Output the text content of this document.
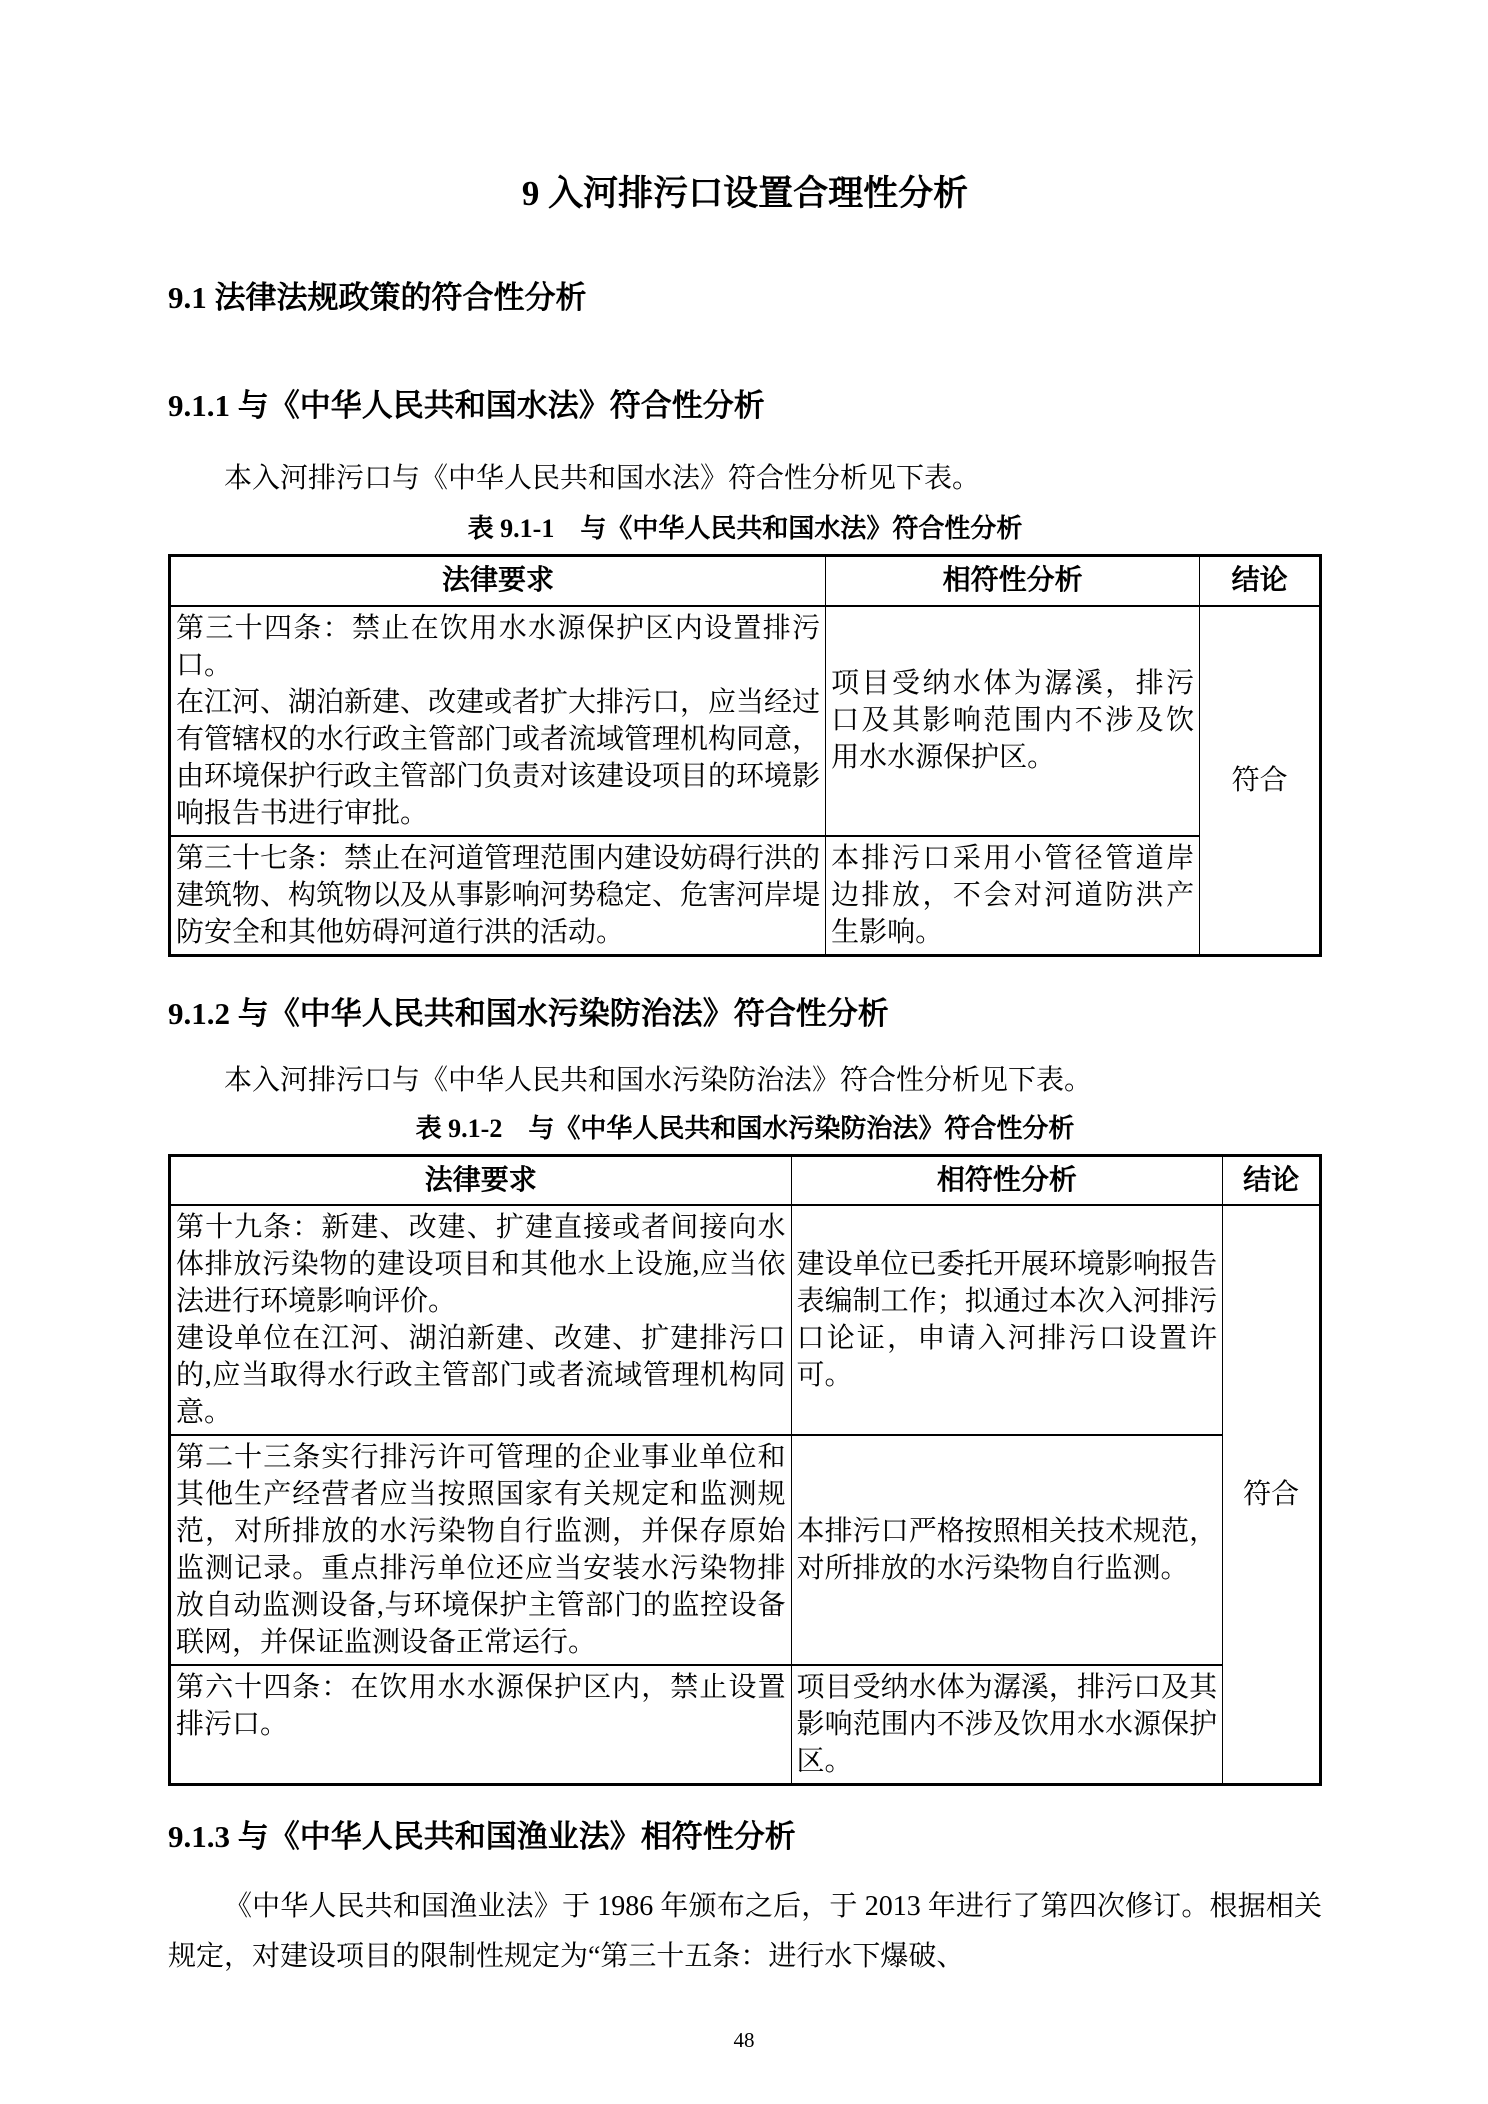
9 入河排污口设置合理性分析
9.1 法律法规政策的符合性分析
9.1.1 与《中华人民共和国水法》符合性分析

本入河排污口与《中华人民共和国水法》符合性分析见下表。

表 9.1-1　与《中华人民共和国水法》符合性分析
法律要求	相符性分析	结论

第三十四条：禁止在饮用水水源保护区内设置排污口。
在江河、湖泊新建、改建或者扩大排污口，应当经过有管辖权的水行政主管部门或者流域管理机构同意，由环境保护行政主管部门负责对该建设项目的环境影响报告书进行审批。	项目受纳水体为潺溪，排污口及其影响范围内不涉及饮用水水源保护区。	符合

第三十七条：禁止在河道管理范围内建设妨碍行洪的建筑物、构筑物以及从事影响河势稳定、危害河岸堤防安全和其他妨碍河道行洪的活动。	本排污口采用小管径管道岸边排放，不会对河道防洪产生影响。	
9.1.2 与《中华人民共和国水污染防治法》符合性分析

本入河排污口与《中华人民共和国水污染防治法》符合性分析见下表。

表 9.1-2　与《中华人民共和国水污染防治法》符合性分析
法律要求	相符性分析	结论

第十九条：新建、改建、扩建直接或者间接向水体排放污染物的建设项目和其他水上设施,应当依法进行环境影响评价。
建设单位在江河、湖泊新建、改建、扩建排污口的,应当取得水行政主管部门或者流域管理机构同意。	建设单位已委托开展环境影响报告表编制工作；拟通过本次入河排污口论证，申请入河排污口设置许可。	符合

第二十三条实行排污许可管理的企业事业单位和其他生产经营者应当按照国家有关规定和监测规范，对所排放的水污染物自行监测，并保存原始监测记录。重点排污单位还应当安装水污染物排放自动监测设备,与环境保护主管部门的监控设备联网，并保证监测设备正常运行。	本排污口严格按照相关技术规范，对所排放的水污染物自行监测。	

第六十四条：在饮用水水源保护区内，禁止设置排污口。	项目受纳水体为潺溪，排污口及其影响范围内不涉及饮用水水源保护区。	
9.1.3 与《中华人民共和国渔业法》相符性分析

《中华人民共和国渔业法》于 1986 年颁布之后，于 2013 年进行了第四次修订。根据相关规定，对建设项目的限制性规定为“第三十五条：进行水下爆破、

48
